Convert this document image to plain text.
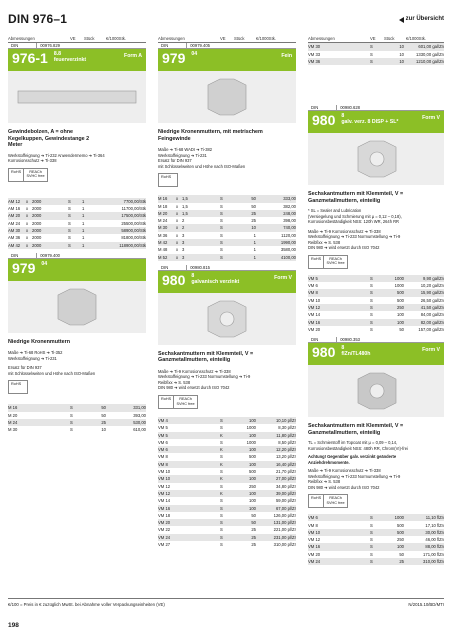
DIN 976–1	zur Übersicht
Abmessungen	VE	Stück	€/1000Stk.
DIN	00976.829
976-1	8.8
feuerverzinkt
Form A
Gewindebolzen, A = ohne Kegelkuppen, Gewindestange 2 Meter
Werkstoffeignung ➔ Ti-232 Anwendermemo ➔ Ti-364
Korrosionsschutz ➔ Ti-338
RoHS	REACh SVHC free
AM 12	x 2000	S	1	7700,00/Stk
AM 16	x 2000	S	1	11700,00/Stk
AM 20	x 2000	S	1	17500,00/Stk
AM 24	x 2000	S	1	25500,00/Stk
AM 30	x 2000	S	1	58900,00/Stk
AM 36	x 2000	S	1	81800,00/Stk
AM 42	x 2000	S	1	118900,00/Stk
DIN	00979.400
979	04
Niedrige Kronenmuttern
Maße ➔ Ti-68 RoHS ➔ Ti-352
Werkstoffeignung ➔ Ti-231
Ersatz für DIN 937
mit Schlüsselweiten und Höhe nach ISO-Maßen
RoHS
M 16	S	50	331,00
M 20	S	50	393,00
M 24	S	25	530,00
M 30	S	10	610,00
Abmessungen	VE	Stück	€/1000Stk.
DIN	00979.405
979	04	Fein
Niedrige Kronenmuttern, mit metrischem Feingewinde
Maße ➔ Ti-68 WADI ➔ Ti-382
Werkstoffeignung ➔ Ti-231
Ersatz für DIN 937
mit Schlüsselweiten und Höhe nach ISO-Maßen
RoHS
M 16	x 1,5	S	50	333,00
M 18	x 1,5	S	50	382,00
M 20	x 1,5	S	25	248,00
M 24	x 2	S	25	398,00
M 30	x 2	S	10	740,00
M 36	x 3	S	1	1120,00
M 42	x 3	S	1	1990,00
M 48	x 3	S	1	3580,00
M 52	x 3	S	1	4100,00
DIN	00980.815
980	8
galvanisch verzinkt
Form V
Sechskantmuttern mit Klemmteil, V = Ganzmetallmuttern, einteilig
Maße ➔ Ti-9 Korrosionsschutz ➔ Ti-338
Werkstoffeignung ➔ Ti-233 Normumstellung ➔ Ti-9
Reibfixx ➔ S. 538
DIN 980 ➔ wird ersetzt durch ISO 7042
RoHS	REACh SVHC free
VM 4	S	100	10,10 pl/Zr
VM 5	S	1000	8,30 pl/Zr
VM 5	K	100	11,80 pl/Zr
VM 6	S	1000	8,50 pl/Zr
VM 6	K	100	12,20 pl/Zr
VM 8	S	500	13,20 pl/Zr
VM 8	K	100	16,40 pl/Zr
VM 10	S	500	21,70 pl/Zr
VM 10	K	100	27,00 pl/Zr
VM 12	S	250	34,80 pl/Zr
VM 12	K	100	39,00 pl/Zr
VM 14	S	100	59,00 pl/Zr
VM 16	S	100	67,00 pl/Zr
VM 18	S	50	126,00 pl/Zr
VM 20	S	50	131,00 pl/Zr
VM 22	S	25	221,00 pl/Zr
VM 24	S	25	231,00 pl/Zr
VM 27	S	25	310,00 pl/Zr
Abmessungen	VE	Stück	€/1000Stk.
VM 30	S	10	601,00 gal/Zn
VM 33	S	10	1330,00 gal/Zn
VM 36	S	10	1210,00 gal/Zn
DIN	00980.628
980	8
galv. verz. 8 DISP + SL*
Form V
Sechskantmuttern mit Klemmteil, V = Ganzmetallmuttern, einteilig
* SL = Sealer and Lubrication
(Versiegelung und Schmierung mit µ = 0,12 – 0,18),
Korrosionsbeständigkeit NSS: 120h WR, 264h RR
Maße ➔ Ti-9 Korrosionsschutz ➔ Ti-338
Werkstoffeignung ➔ Ti-233 Normumstellung ➔ Ti-9
Reibfixx ➔ S. 538
DIN 980 ➔ wird ersetzt durch ISO 7042
RoHS	REACh SVHC free
VM 5	S	1000	9,90 gal/Zn
VM 6	S	1000	10,20 gal/Zn
VM 8	S	500	15,90 gal/Zn
VM 10	S	500	26,50 gal/Zn
VM 12	S	250	41,50 gal/Zn
VM 14	S	100	84,00 gal/Zn
VM 16	S	100	82,00 gal/Zn
VM 20	S	50	157,00 gal/Zn
DIN	00980.353
980	8
flZn/TL480h
Form V
Sechskantmuttern mit Klemmteil, V = Ganzmetallmuttern, einteilig
TL = Schmierstoff im Topcoat mit µ = 0,09 – 0,14,
Korrosionsbeständigkeit NSS: 480h RR, Chrom(VI)-frei
Achtung! Gegenüber galv. verzinkt geänderte
Anziehdrehmomente.
Maße ➔ Ti-9 Korrosionsschutz ➔ Ti-338
Werkstoffeignung ➔ Ti-233 Normumstellung ➔ Ti-9
Reibfixx ➔ S. 538
DIN 980 ➔ wird ersetzt durch ISO 7042
RoHS	REACh SVHC free
VM 6	S	1000	11,10 flZn
VM 8	S	500	17,10 flZn
VM 10	S	500	30,00 flZn
VM 12	S	250	46,00 flZn
VM 16	S	100	88,00 flZn
VM 20	S	50	171,00 flZn
VM 24	S	25	310,00 flZn
€/100 = Preis in € zuzüglich MwSt. bei Abnahme voller Verpackungseinheiten (VE)	N/2015.10/BD/MTI
198
